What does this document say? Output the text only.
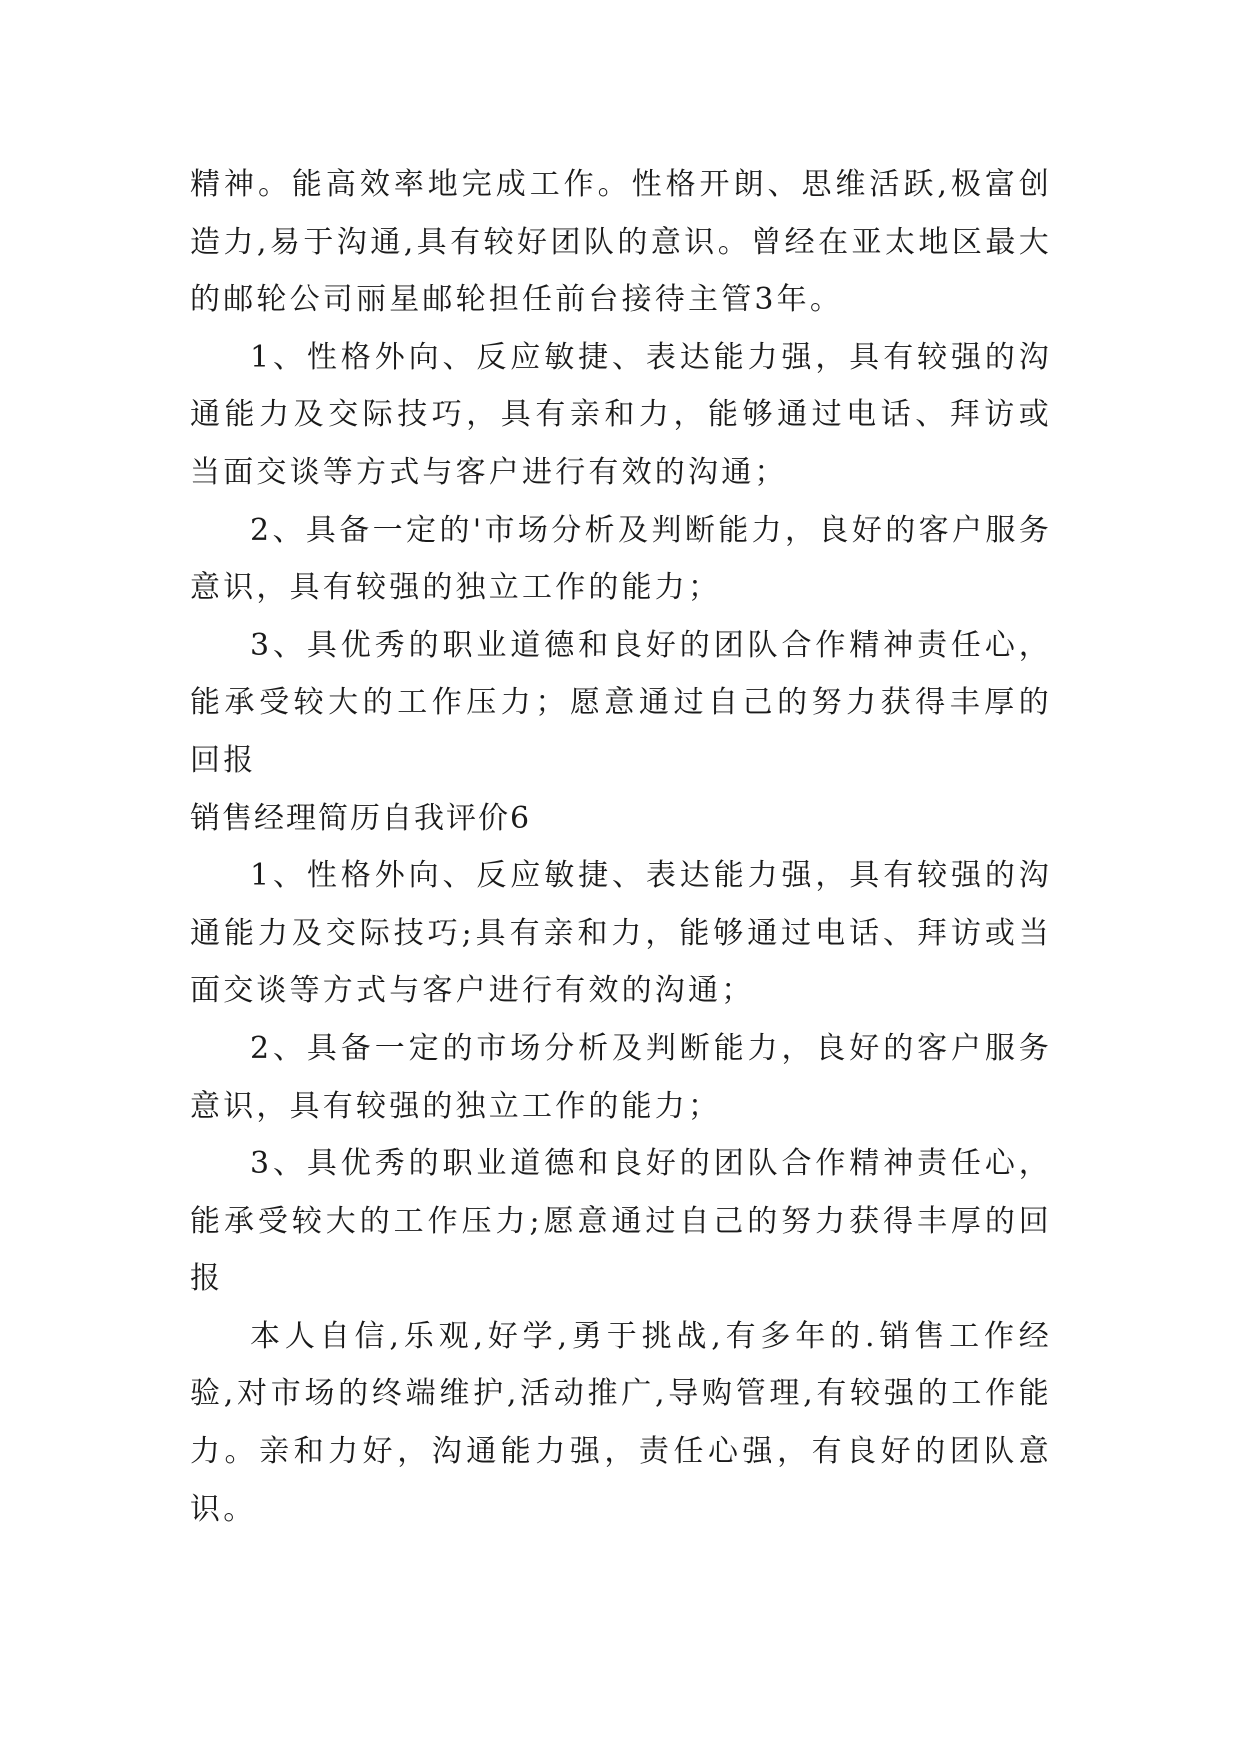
精神。能高效率地完成工作。性格开朗、思维活跃,极富创造力,易于沟通,具有较好团队的意识。曾经在亚太地区最大的邮轮公司丽星邮轮担任前台接待主管3年。

1、性格外向、反应敏捷、表达能力强，具有较强的沟通能力及交际技巧，具有亲和力，能够通过电话、拜访或当面交谈等方式与客户进行有效的沟通；

2、具备一定的'市场分析及判断能力，良好的客户服务意识，具有较强的独立工作的能力；

3、具优秀的职业道德和良好的团队合作精神责任心，能承受较大的工作压力；愿意通过自己的努力获得丰厚的回报

销售经理简历自我评价6

1、性格外向、反应敏捷、表达能力强，具有较强的沟通能力及交际技巧;具有亲和力，能够通过电话、拜访或当面交谈等方式与客户进行有效的沟通；

2、具备一定的市场分析及判断能力，良好的客户服务意识，具有较强的独立工作的能力；

3、具优秀的职业道德和良好的团队合作精神责任心，能承受较大的工作压力;愿意通过自己的努力获得丰厚的回报

本人自信,乐观,好学,勇于挑战,有多年的.销售工作经验,对市场的终端维护,活动推广,导购管理,有较强的工作能力。亲和力好，沟通能力强，责任心强，有良好的团队意识。
